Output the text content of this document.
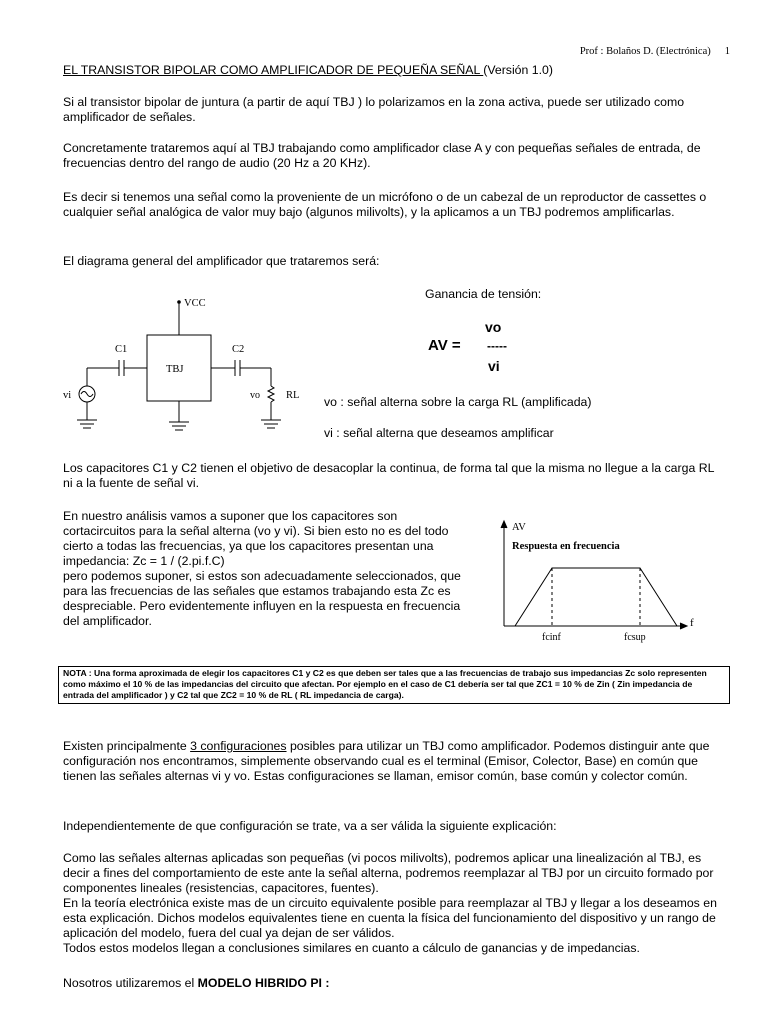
Prof : Bolaños D. (Electrónica) 1

EL TRANSISTOR BIPOLAR COMO AMPLIFICADOR DE PEQUEÑA SEÑAL (Versión 1.0)

Si al transistor bipolar de juntura (a partir de aquí TBJ ) lo polarizamos en la zona activa, puede ser utilizado como amplificador de señales.

Concretamente trataremos aquí al TBJ trabajando como amplificador clase A y con pequeñas señales de entrada, de frecuencias dentro del rango de audio (20 Hz a 20 KHz).

Es decir si tenemos una señal como la proveniente de un micrófono o de un cabezal de un reproductor de cassettes o cualquier señal analógica de valor muy bajo (algunos milivolts), y la aplicamos a un TBJ podremos amplificarlas.

El diagrama general del amplificador que trataremos será:

VCC
C1	C2
TBJ
vi	vo RL
Ganancia de tensión:
vo
AV = -----
vi
vo : señal alterna sobre la carga RL (amplificada)
vi : señal alterna que deseamos amplificar

Los capacitores C1 y C2 tienen el objetivo de desacoplar la continua, de forma tal que la misma no llegue a la carga RL ni a la fuente de señal vi.

En nuestro análisis vamos a suponer que los capacitores son cortacircuitos para la señal alterna (vo y vi). Si bien esto no es del todo cierto a todas las frecuencias, ya que los capacitores presentan una impedancia: Zc = 1 / (2.pi.f.C)
pero podemos suponer, si estos son adecuadamente seleccionados, que para las frecuencias de las señales que estamos trabajando esta Zc es despreciable. Pero evidentemente influyen en la respuesta en frecuencia del amplificador.

AV
Respuesta en frecuencia
f
fcinf	fcsup
NOTA : Una forma aproximada de elegir los capacitores C1 y C2 es que deben ser tales que a las frecuencias de trabajo sus impedancias Zc solo representen como máximo el 10 % de las impedancias del circuito que afectan. Por ejemplo en el caso de C1 debería ser tal que ZC1 = 10 % de Zin ( Zin impedancia de entrada del amplificador ) y C2 tal que ZC2 = 10 % de RL ( RL impedancia de carga).

Existen principalmente 3 configuraciones posibles para utilizar un TBJ como amplificador. Podemos distinguir ante que configuración nos encontramos, simplemente observando cual es el terminal (Emisor, Colector, Base) en común que tienen las señales alternas vi y vo. Estas configuraciones se llaman, emisor común, base común y colector común.

Independientemente de que configuración se trate, va a ser válida la siguiente explicación:

Como las señales alternas aplicadas son pequeñas (vi pocos milivolts), podremos aplicar una linealización al TBJ, es decir a fines del comportamiento de este ante la señal alterna, podremos reemplazar al TBJ por un circuito formado por componentes lineales (resistencias, capacitores, fuentes).
En la teoría electrónica existe mas de un circuito equivalente posible para reemplazar al TBJ y llegar a los deseamos en esta explicación. Dichos modelos equivalentes tiene en cuenta la física del funcionamiento del dispositivo y un rango de aplicación del modelo, fuera del cual ya dejan de ser válidos.
Todos estos modelos llegan a conclusiones similares en cuanto a cálculo de ganancias y de impedancias.

Nosotros utilizaremos el MODELO HIBRIDO PI :
